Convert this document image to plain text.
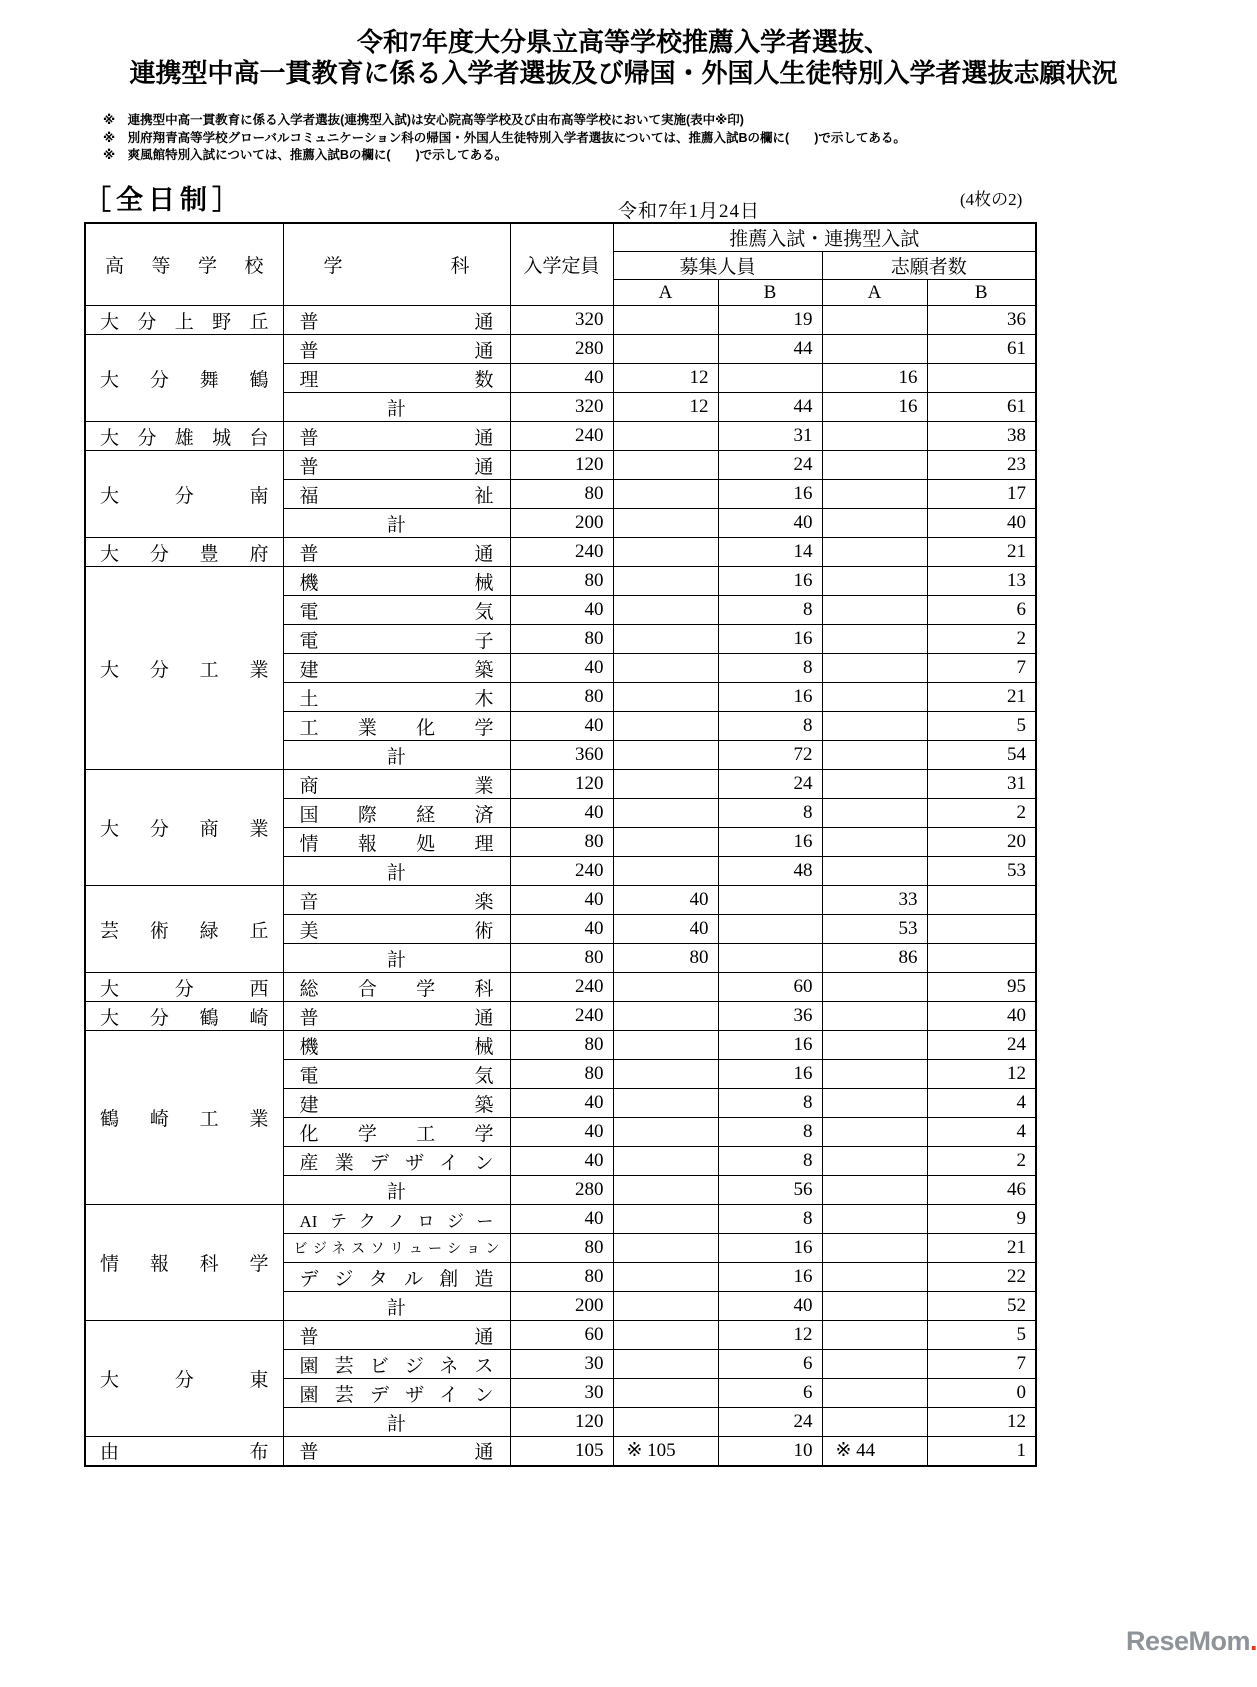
令和7年度大分県立高等学校推薦入学者選抜、
連携型中高一貫教育に係る入学者選抜及び帰国・外国人生徒特別入学者選抜志願状況
※　連携型中高一貫教育に係る入学者選抜(連携型入試)は安心院高等学校及び由布高等学校において実施(表中※印)
※　別府翔青高等学校グローバルコミュニケーション科の帰国・外国人生徒特別入学者選抜については、推薦入試Bの欄に(　　)で示してある。
※　爽風館特別入試については、推薦入試Bの欄に(　　)で示してある。
［全日制］	令和7年1月24日
(4枚の2)
高等学校	学科	入学定員	推薦入試・連携型入試			
			募集人員		志願者数	
			A	B	A	B
大分上野丘	普通	320		19		36
大分舞鶴	普通	280		44		61
	理数	40	12		16	
	計	320	12	44	16	61
大分雄城台	普通	240		31		38
大分南	普通	120		24		23
	福祉	80		16		17
	計	200		40		40
大分豊府	普通	240		14		21
大分工業	機械	80		16		13
	電気	40		8		6
	電子	80		16		2
	建築	40		8		7
	土木	80		16		21
	工業化学	40		8		5
	計	360		72		54
大分商業	商業	120		24		31
	国際経済	40		8		2
	情報処理	80		16		20
	計	240		48		53
芸術緑丘	音楽	40	40		33	
	美術	40	40		53	
	計	80	80		86	
大分西	総合学科	240		60		95
大分鶴崎	普通	240		36		40
鶴崎工業	機械	80		16		24
	電気	80		16		12
	建築	40		8		4
	化学工学	40		8		4
	産業デザイン	40		8		2
	計	280		56		46
情報科学	AIテクノロジー	40		8		9
	ビジネスソリューション	80		16		21
	デジタル創造	80		16		22
	計	200		40		52
大分東	普通	60		12		5
	園芸ビジネス	30		6		7
	園芸デザイン	30		6		0
	計	120		24		12
由布	普通	105	※ 105	10	※ 44	1
ReseMom.
